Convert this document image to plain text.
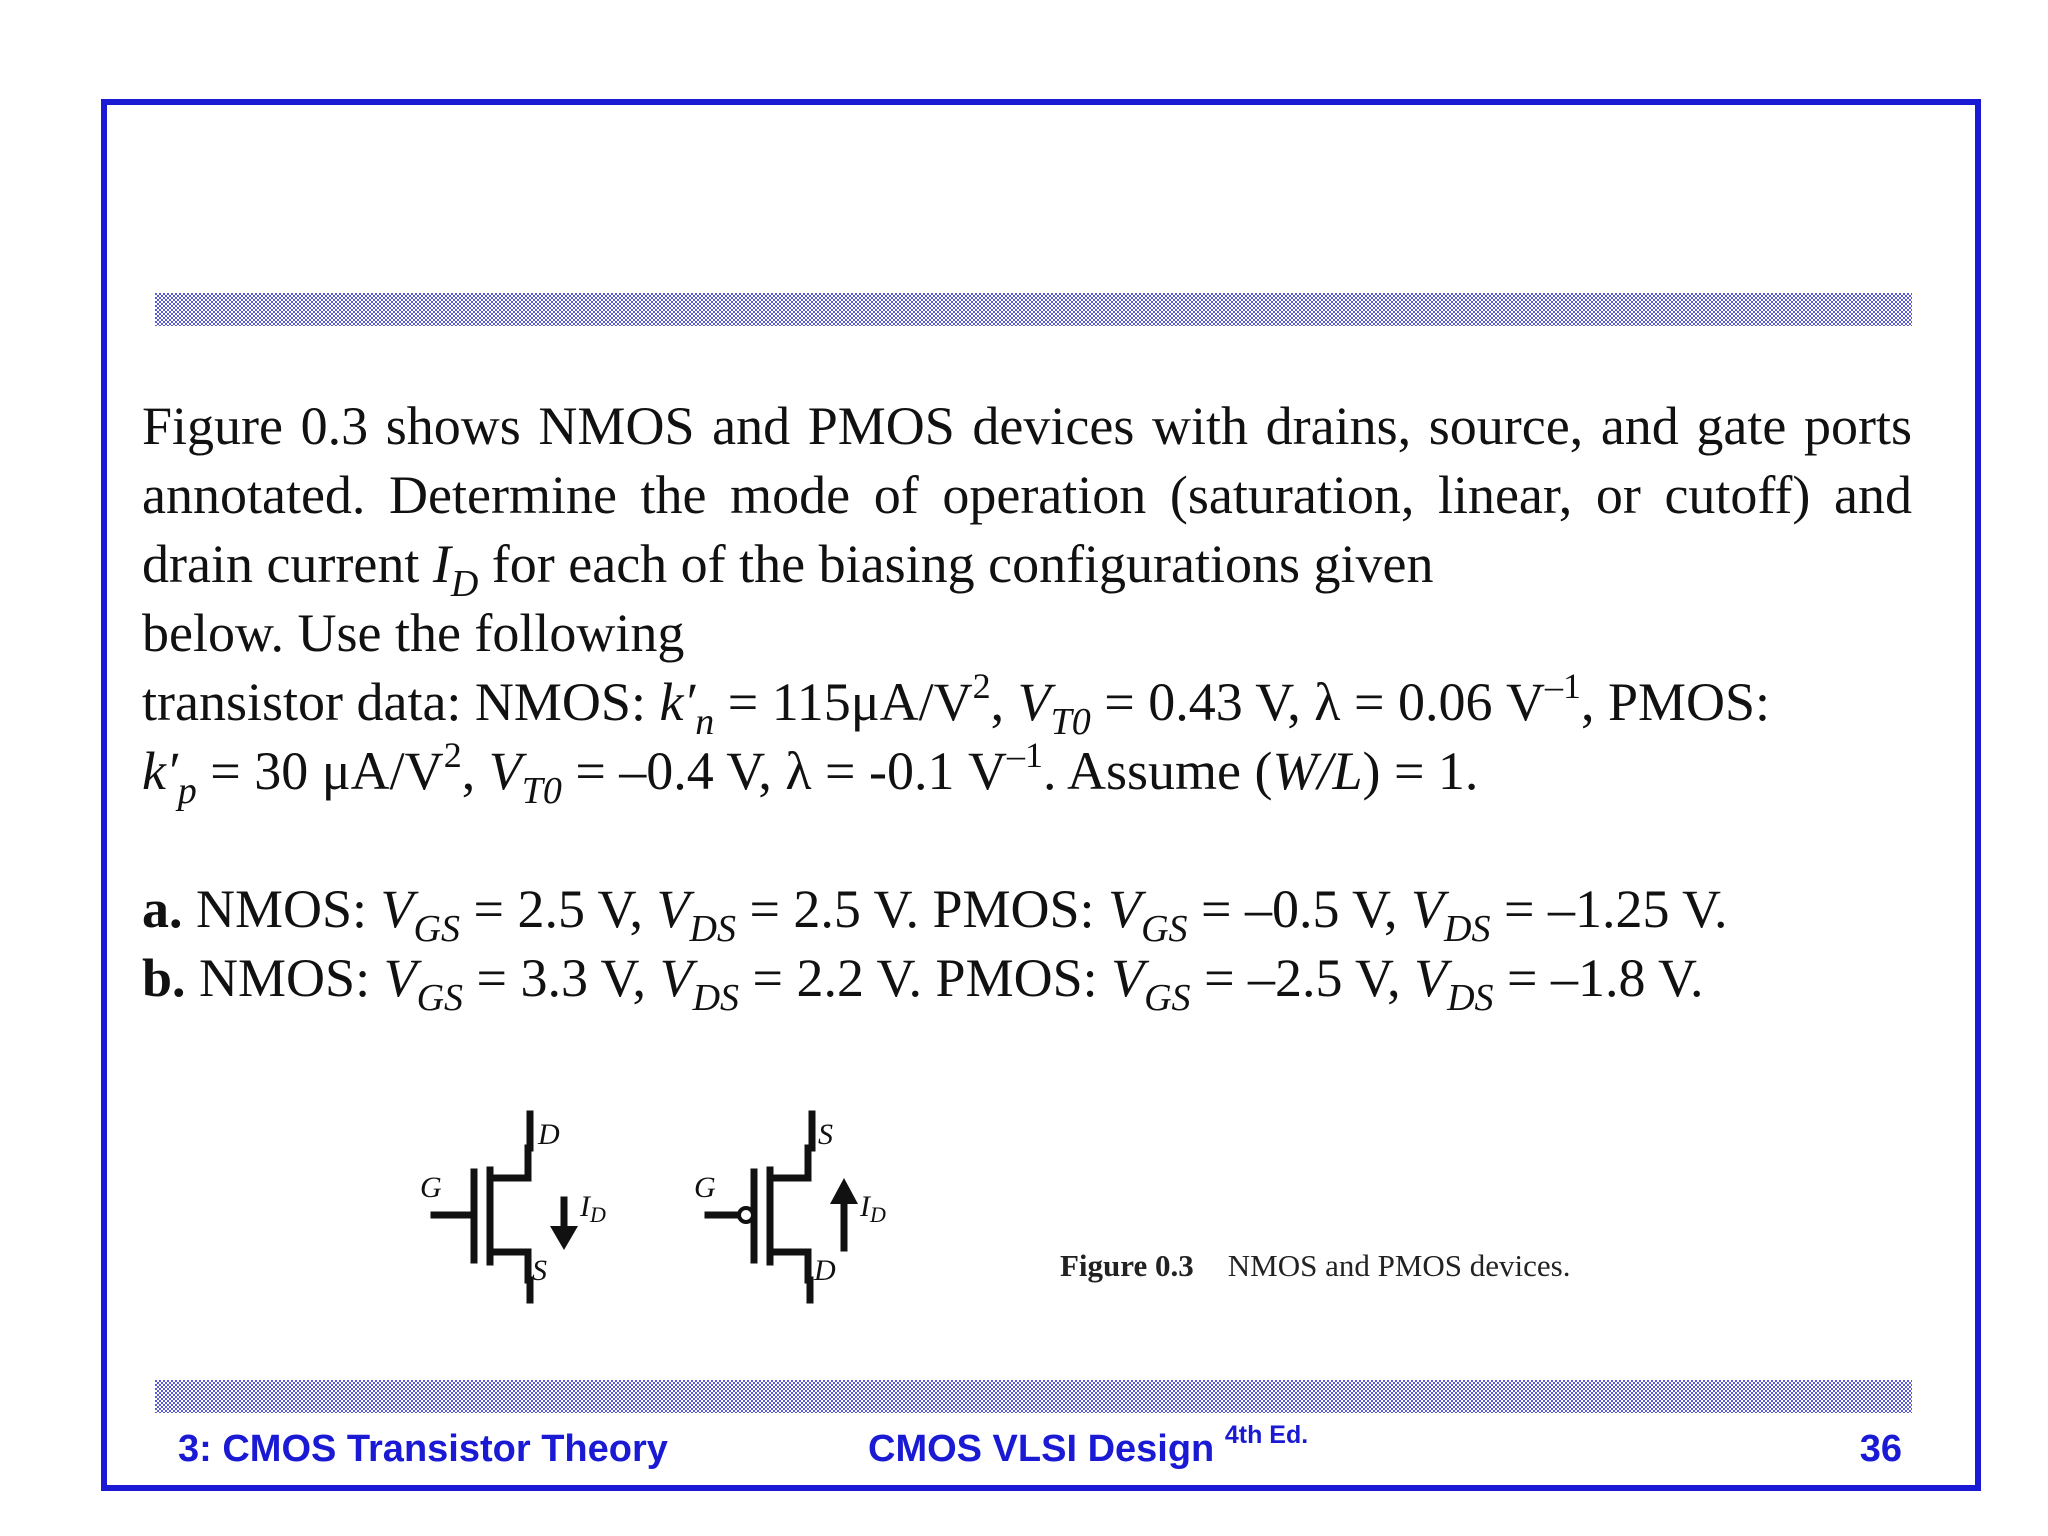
Figure 0.3 shows NMOS and PMOS devices with drains, source, and gate ports annotated. Determine the mode of operation (saturation, linear, or cutoff) and drain current $I_D$ for each of the biasing configurations given

below. Use the following

transistor data: NMOS: $k'_n = 115\mu A/V^2$, $V_{T0} = 0.43$ V, λ = 0.06 $V^{-1}$, PMOS:

$k'_p = 30$ $\mu A/V^2$, $V_{T0} = -0.4$ V, λ = -0.1 $V^{-1}$. Assume (W/L) = 1.

a. NMOS: $V_{GS} = 2.5$ V, $V_{DS} = 2.5$ V. PMOS: $V_{GS} = -0.5$ V, $V_{DS} = -1.25$ V.

b. NMOS: $V_{GS} = 3.3$ V, $V_{DS} = 2.2$ V. PMOS: $V_{GS} = -2.5$ V, $V_{DS} = -1.8$ V.

G
D
S
$I_D$
G
S
D
$I_D$
Figure 0.3 NMOS and PMOS devices.
3: CMOS Transistor Theory	CMOS VLSI Design $^{4th Ed.}$	36
